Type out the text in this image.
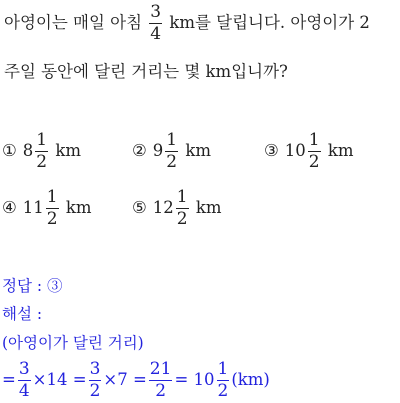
아영이는 매일 아침 $\frac{3}{4}$ km를 달립니다. 아영이가 2
주일 동안에 달린 거리는 몇 km입니까?
① $8 \frac{1}{2}$ km	② $9 \frac{1}{2}$ km	③ $10 \frac{1}{2}$ km
④ $11 \frac{1}{2}$ km ⑤ $12 \frac{1}{2}$ km
정답 : ③
해설 :
(아영이가 달린 거리)
= $\frac{3}{4} \times 14 = \frac{3}{2} \times 7 = \frac{21}{2} = 10 \frac{1}{2} (km)$
